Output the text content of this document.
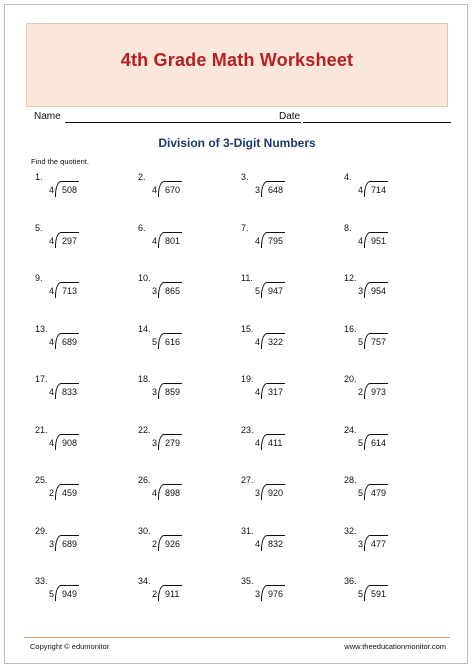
4th Grade Math Worksheet
Name	Date
Division of 3-Digit Numbers
Find the quotient.
1.
4 508
2.
4 670
3.
3 648
4.
4 714
5.
4 297
6.
4 801
7.
4 795
8.
4 951
9.
4 713
10.
3 865
11.
5 947
12.
3 954
13.
4 689
14.
5 616
15.
4 322
16.
5 757
17.
4 833
18.
3 859
19.
4 317
20.
2 973
21.
4 908
22.
3 279
23.
4 411
24.
5 614
25.
2 459
26.
4 898
27.
3 920
28.
5 479
29.
3 689
30.
2 926
31.
4 832
32.
3 477
33.
5 949
34.
2 911
35.
3 976
36.
5 591
Copyright © edumonitor	www.theeducationmonitor.com
